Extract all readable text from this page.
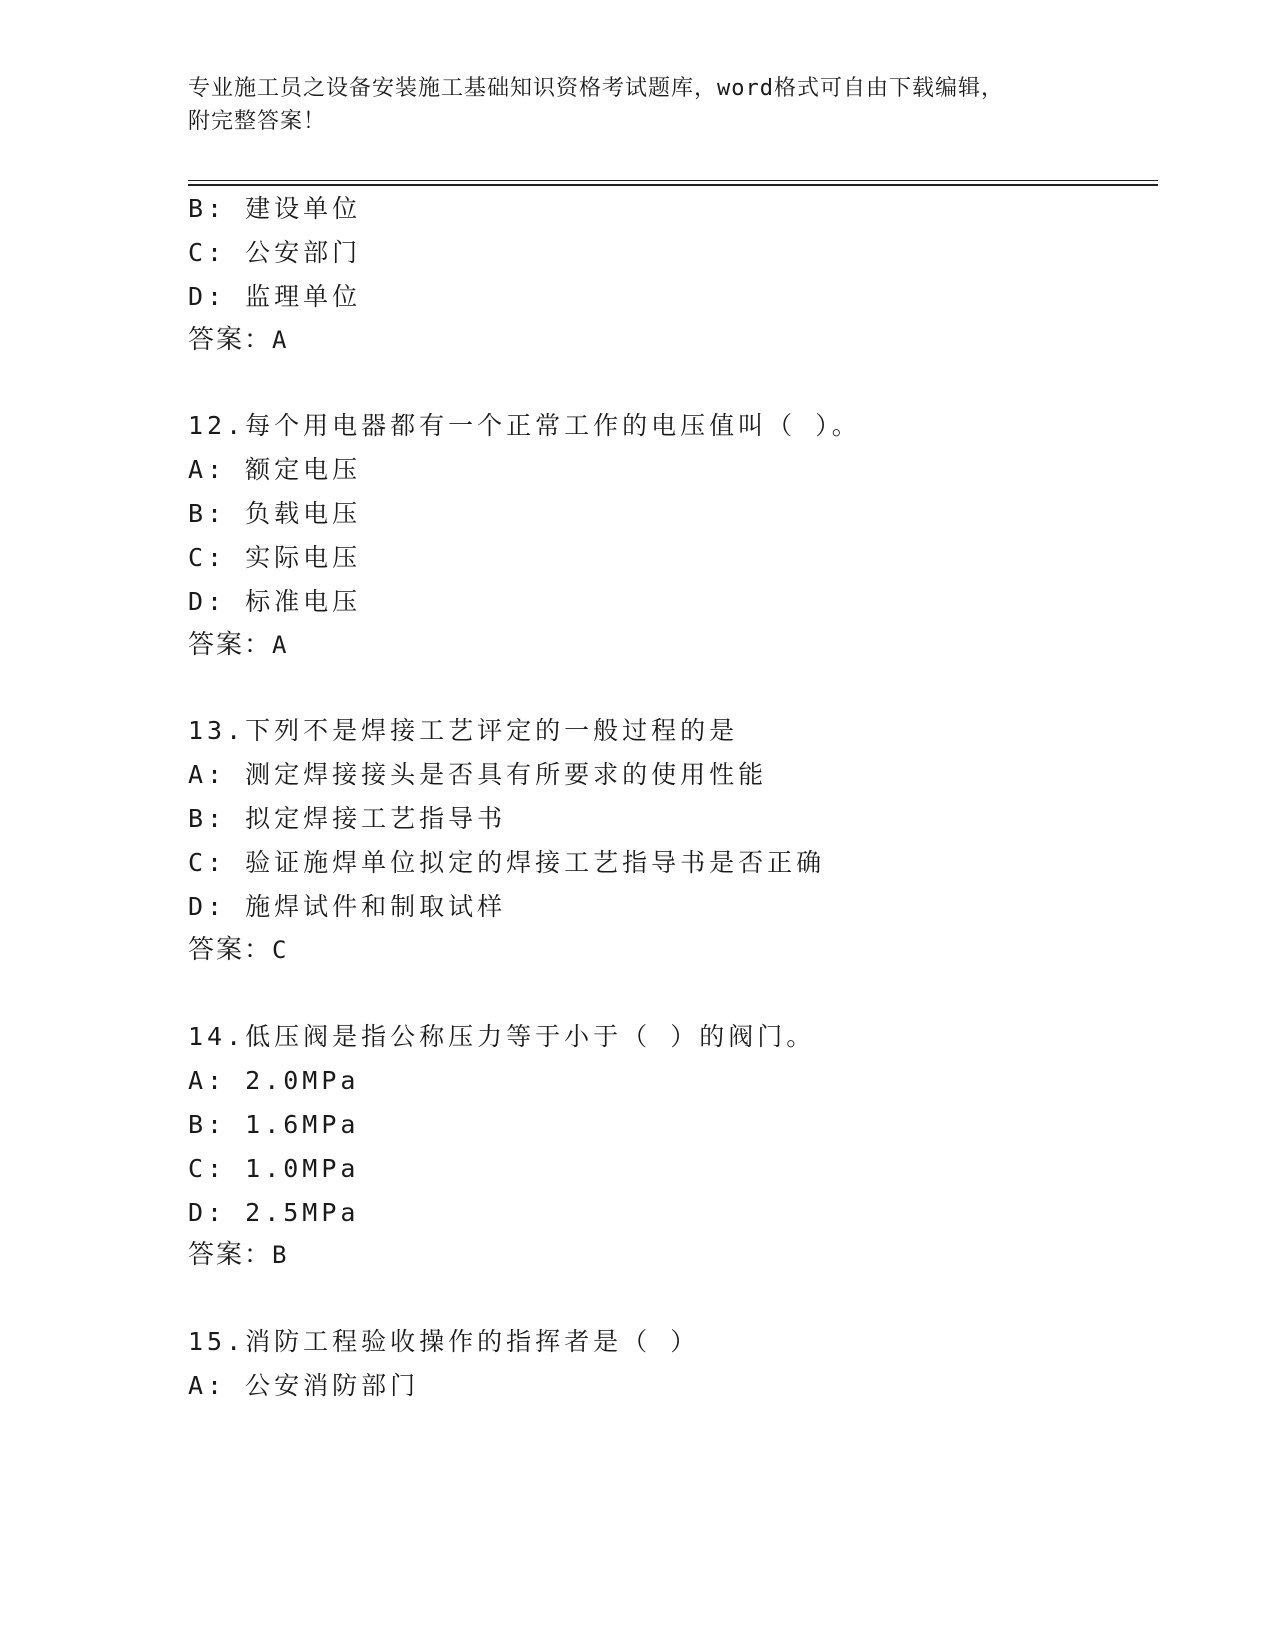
专业施工员之设备安装施工基础知识资格考试题库，word格式可自由下载编辑，
附完整答案！
B: 建设单位
C: 公安部门
D: 监理单位
答案：A
12.每个用电器都有一个正常工作的电压值叫（ ）。
A: 额定电压
B: 负载电压
C: 实际电压
D: 标准电压
答案：A
13.下列不是焊接工艺评定的一般过程的是
A: 测定焊接接头是否具有所要求的使用性能
B: 拟定焊接工艺指导书
C: 验证施焊单位拟定的焊接工艺指导书是否正确
D: 施焊试件和制取试样
答案：C
14.低压阀是指公称压力等于小于（ ）的阀门。
A: 2.0MPa
B: 1.6MPa
C: 1.0MPa
D: 2.5MPa
答案：B
15.消防工程验收操作的指挥者是（ ）
A: 公安消防部门
